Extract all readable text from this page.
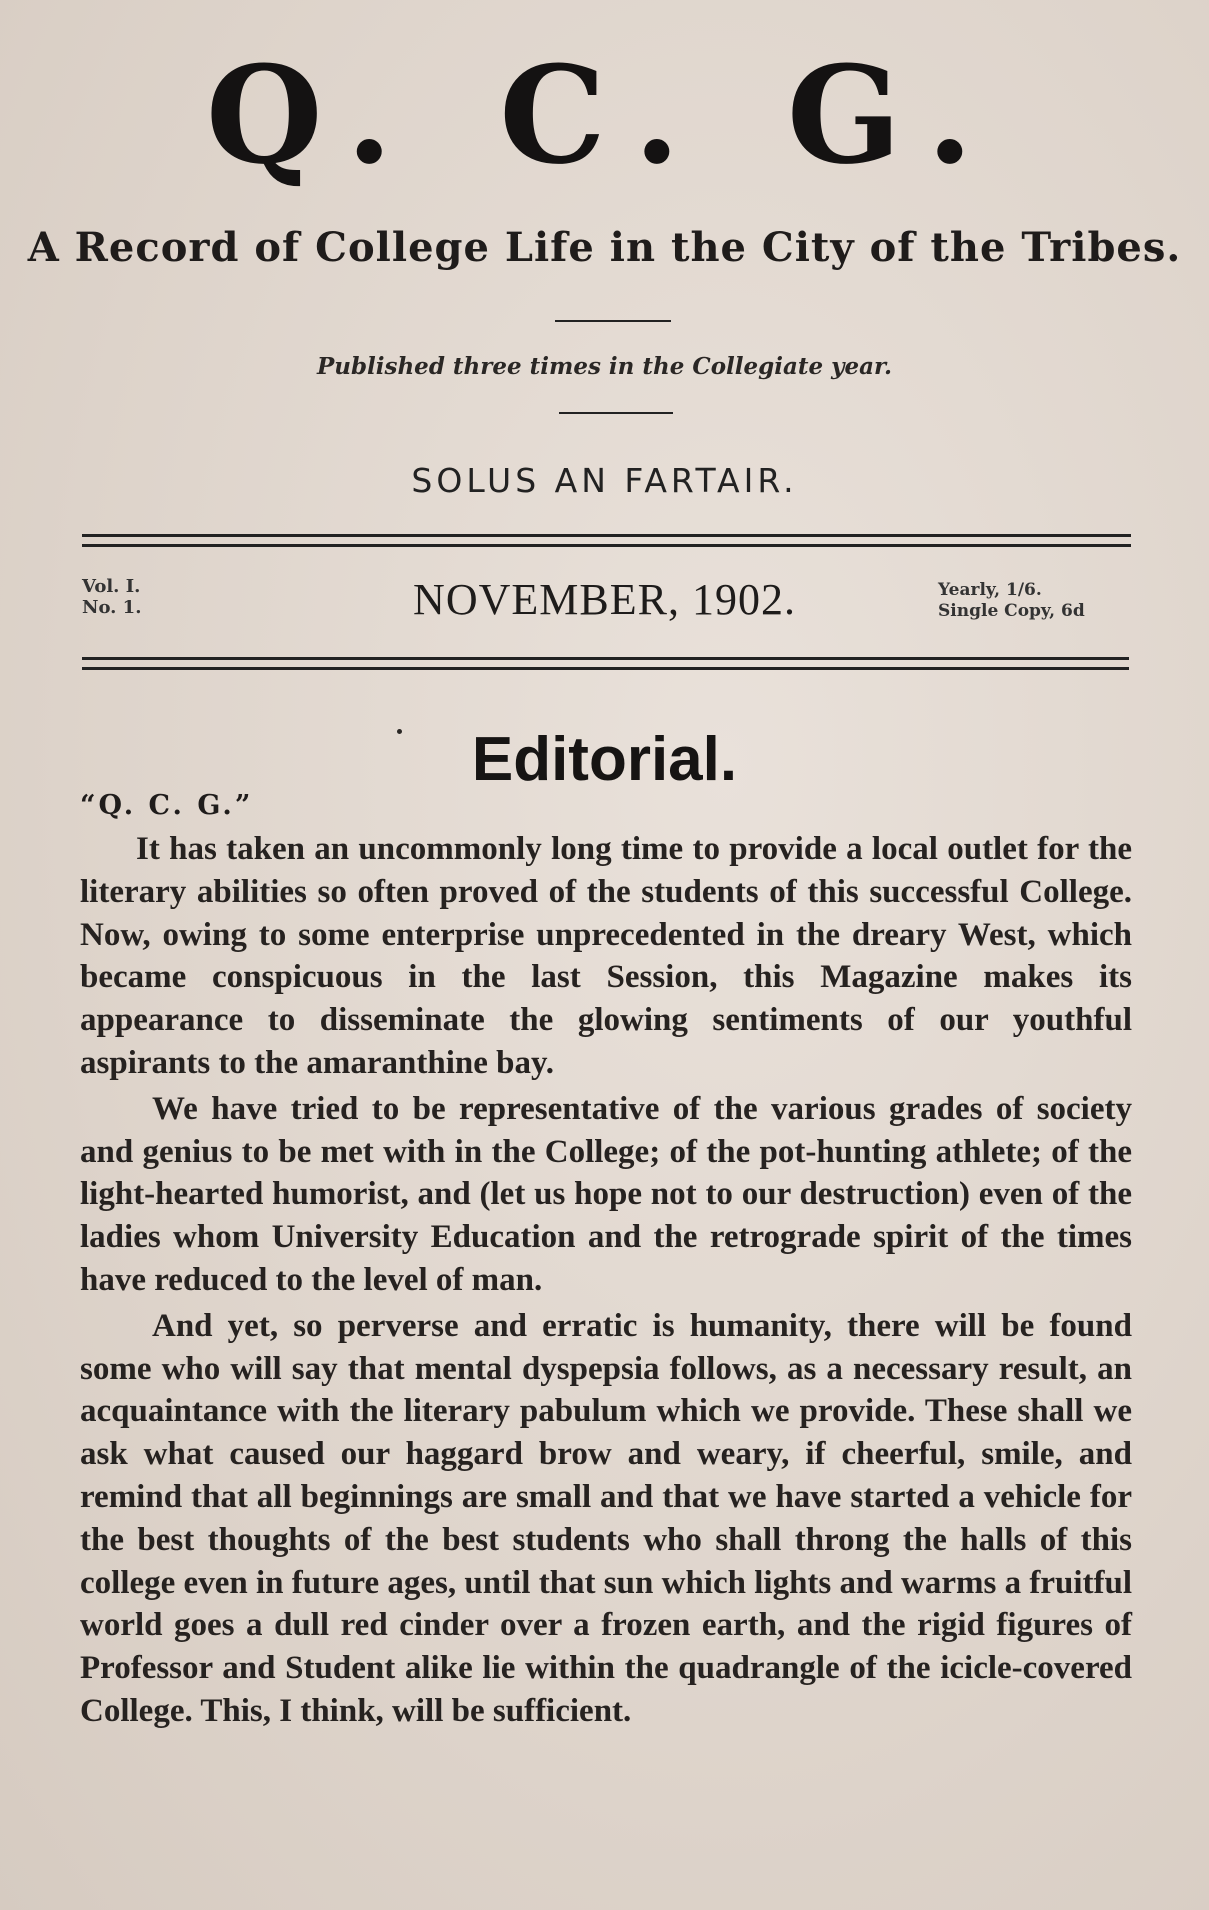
Q. C. G.
A Record of College Life in the City of the Tribes.
Published three times in the Collegiate year.
SOLUS AN FARTAIR.
Vol. I.
No. 1.	NOVEMBER, 1902.	Yearly, 1/6.
Single Copy, 6d
Editorial.
“Q. C. G.”

It has taken an uncommonly long time to provide a local outlet for the literary abilities so often proved of the students of this successful College. Now, owing to some enterprise unprecedented in the dreary West, which became conspicuous in the last Session, this Magazine makes its appearance to disseminate the glowing sentiments of our youthful aspirants to the amaranthine bay.

We have tried to be representative of the various grades of society and genius to be met with in the College; of the pot-hunting athlete; of the light-hearted humorist, and (let us hope not to our destruction) even of the ladies whom University Education and the retrograde spirit of the times have reduced to the level of man.

And yet, so perverse and erratic is humanity, there will be found some who will say that mental dyspepsia follows, as a necessary result, an acquaintance with the literary pabulum which we provide. These shall we ask what caused our haggard brow and weary, if cheerful, smile, and remind that all beginnings are small and that we have started a vehicle for the best thoughts of the best students who shall throng the halls of this college even in future ages, until that sun which lights and warms a fruitful world goes a dull red cinder over a frozen earth, and the rigid figures of Professor and Student alike lie within the quadrangle of the icicle-covered College. This, I think, will be sufficient.
